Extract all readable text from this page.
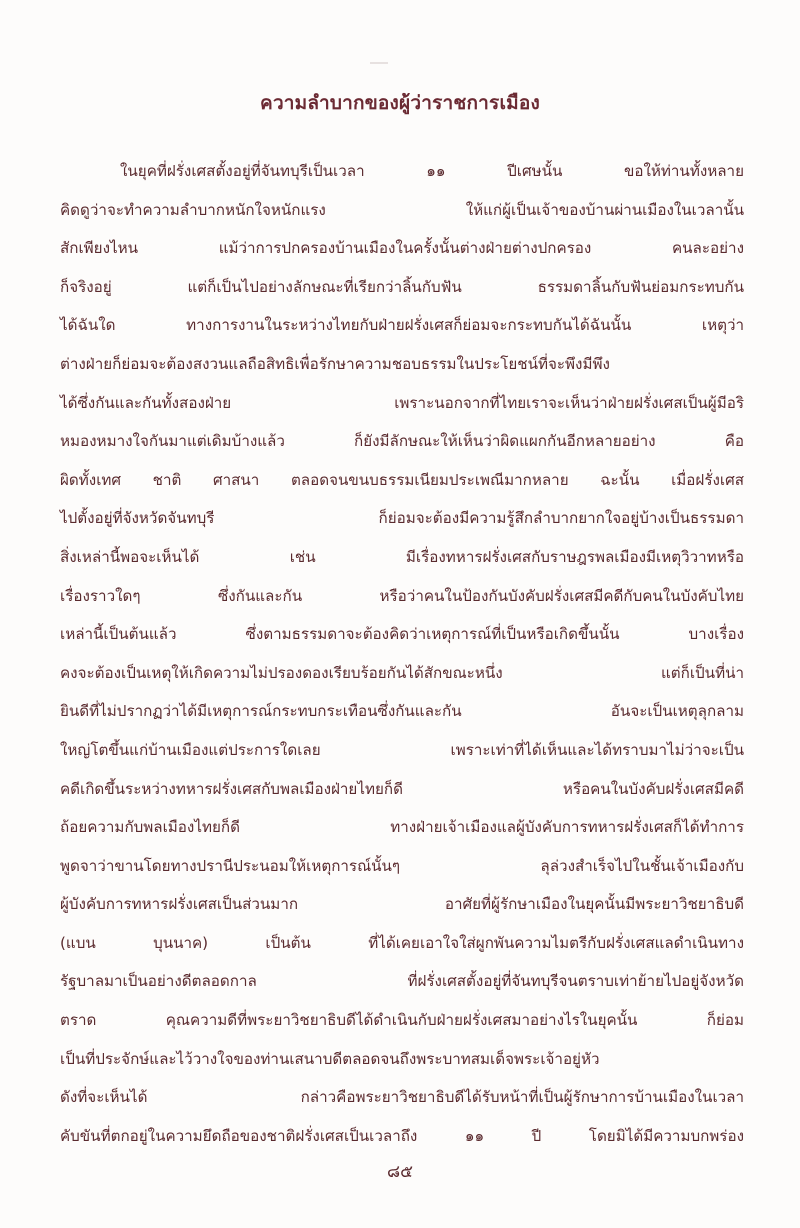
ความลำบากของผู้ว่าราชการเมือง
ในยุคที่ฝรั่งเศสตั้งอยู่ที่จันทบุรีเป็นเวลา ๑๑ ปีเศษนั้น ขอให้ท่านทั้งหลาย
คิดดูว่าจะทำความลำบากหนักใจหนักแรง ให้แก่ผู้เป็นเจ้าของบ้านผ่านเมืองในเวลานั้น
สักเพียงไหน แม้ว่าการปกครองบ้านเมืองในครั้งนั้นต่างฝ่ายต่างปกครอง คนละอย่าง
ก็จริงอยู่ แต่ก็เป็นไปอย่างลักษณะที่เรียกว่าลิ้นกับฟัน ธรรมดาลิ้นกับฟันย่อมกระทบกัน
ได้ฉันใด ทางการงานในระหว่างไทยกับฝ่ายฝรั่งเศสก็ย่อมจะกระทบกันได้ฉันนั้น เหตุว่า
ต่างฝ่ายก็ย่อมจะต้องสงวนแลถือสิทธิเพื่อรักษาความชอบธรรมในประโยชน์ที่จะพึงมีพึง
ได้ซึ่งกันและกันทั้งสองฝ่าย เพราะนอกจากที่ไทยเราจะเห็นว่าฝ่ายฝรั่งเศสเป็นผู้มีอริ
หมองหมางใจกันมาแต่เดิมบ้างแล้ว ก็ยังมีลักษณะให้เห็นว่าผิดแผกกันอีกหลายอย่าง คือ
ผิดทั้งเทศ ชาติ ศาสนา ตลอดจนขนบธรรมเนียมประเพณีมากหลาย ฉะนั้น เมื่อฝรั่งเศส
ไปตั้งอยู่ที่จังหวัดจันทบุรี ก็ย่อมจะต้องมีความรู้สึกลำบากยากใจอยู่บ้างเป็นธรรมดา
สิ่งเหล่านี้พอจะเห็นได้ เช่น มีเรื่องทหารฝรั่งเศสกับราษฎรพลเมืองมีเหตุวิวาทหรือ
เรื่องราวใดๆ ซึ่งกันและกัน หรือว่าคนในป้องกันบังคับฝรั่งเศสมีคดีกับคนในบังคับไทย
เหล่านี้เป็นต้นแล้ว ซึ่งตามธรรมดาจะต้องคิดว่าเหตุการณ์ที่เป็นหรือเกิดขึ้นนั้น บางเรื่อง
คงจะต้องเป็นเหตุให้เกิดความไม่ปรองดองเรียบร้อยกันได้สักขณะหนึ่ง แต่ก็เป็นที่น่า
ยินดีที่ไม่ปรากฏว่าได้มีเหตุการณ์กระทบกระเทือนซึ่งกันและกัน อันจะเป็นเหตุลุกลาม
ใหญ่โตขึ้นแก่บ้านเมืองแต่ประการใดเลย เพราะเท่าที่ได้เห็นและได้ทราบมาไม่ว่าจะเป็น
คดีเกิดขึ้นระหว่างทหารฝรั่งเศสกับพลเมืองฝ่ายไทยก็ดี หรือคนในบังคับฝรั่งเศสมีคดี
ถ้อยความกับพลเมืองไทยก็ดี ทางฝ่ายเจ้าเมืองแลผู้บังคับการทหารฝรั่งเศสก็ได้ทำการ
พูดจาว่าขานโดยทางปรานีประนอมให้เหตุการณ์นั้นๆ ลุล่วงสำเร็จไปในชั้นเจ้าเมืองกับ
ผู้บังคับการทหารฝรั่งเศสเป็นส่วนมาก อาศัยที่ผู้รักษาเมืองในยุคนั้นมีพระยาวิชยาธิบดี
(แบน บุนนาค) เป็นต้น ที่ได้เคยเอาใจใส่ผูกพันความไมตรีกับฝรั่งเศสแลดำเนินทาง
รัฐบาลมาเป็นอย่างดีตลอดกาล ที่ฝรั่งเศสตั้งอยู่ที่จันทบุรีจนตราบเท่าย้ายไปอยู่จังหวัด
ตราด คุณความดีที่พระยาวิชยาธิบดีได้ดำเนินกับฝ่ายฝรั่งเศสมาอย่างไรในยุคนั้น ก็ย่อม
เป็นที่ประจักษ์และไว้วางใจของท่านเสนาบดีตลอดจนถึงพระบาทสมเด็จพระเจ้าอยู่หัว
ดังที่จะเห็นได้ กล่าวคือพระยาวิชยาธิบดีได้รับหน้าที่เป็นผู้รักษาการบ้านเมืองในเวลา
คับขันที่ตกอยู่ในความยึดถือของชาติฝรั่งเศสเป็นเวลาถึง ๑๑ ปี โดยมิได้มีความบกพร่อง
๘๕
